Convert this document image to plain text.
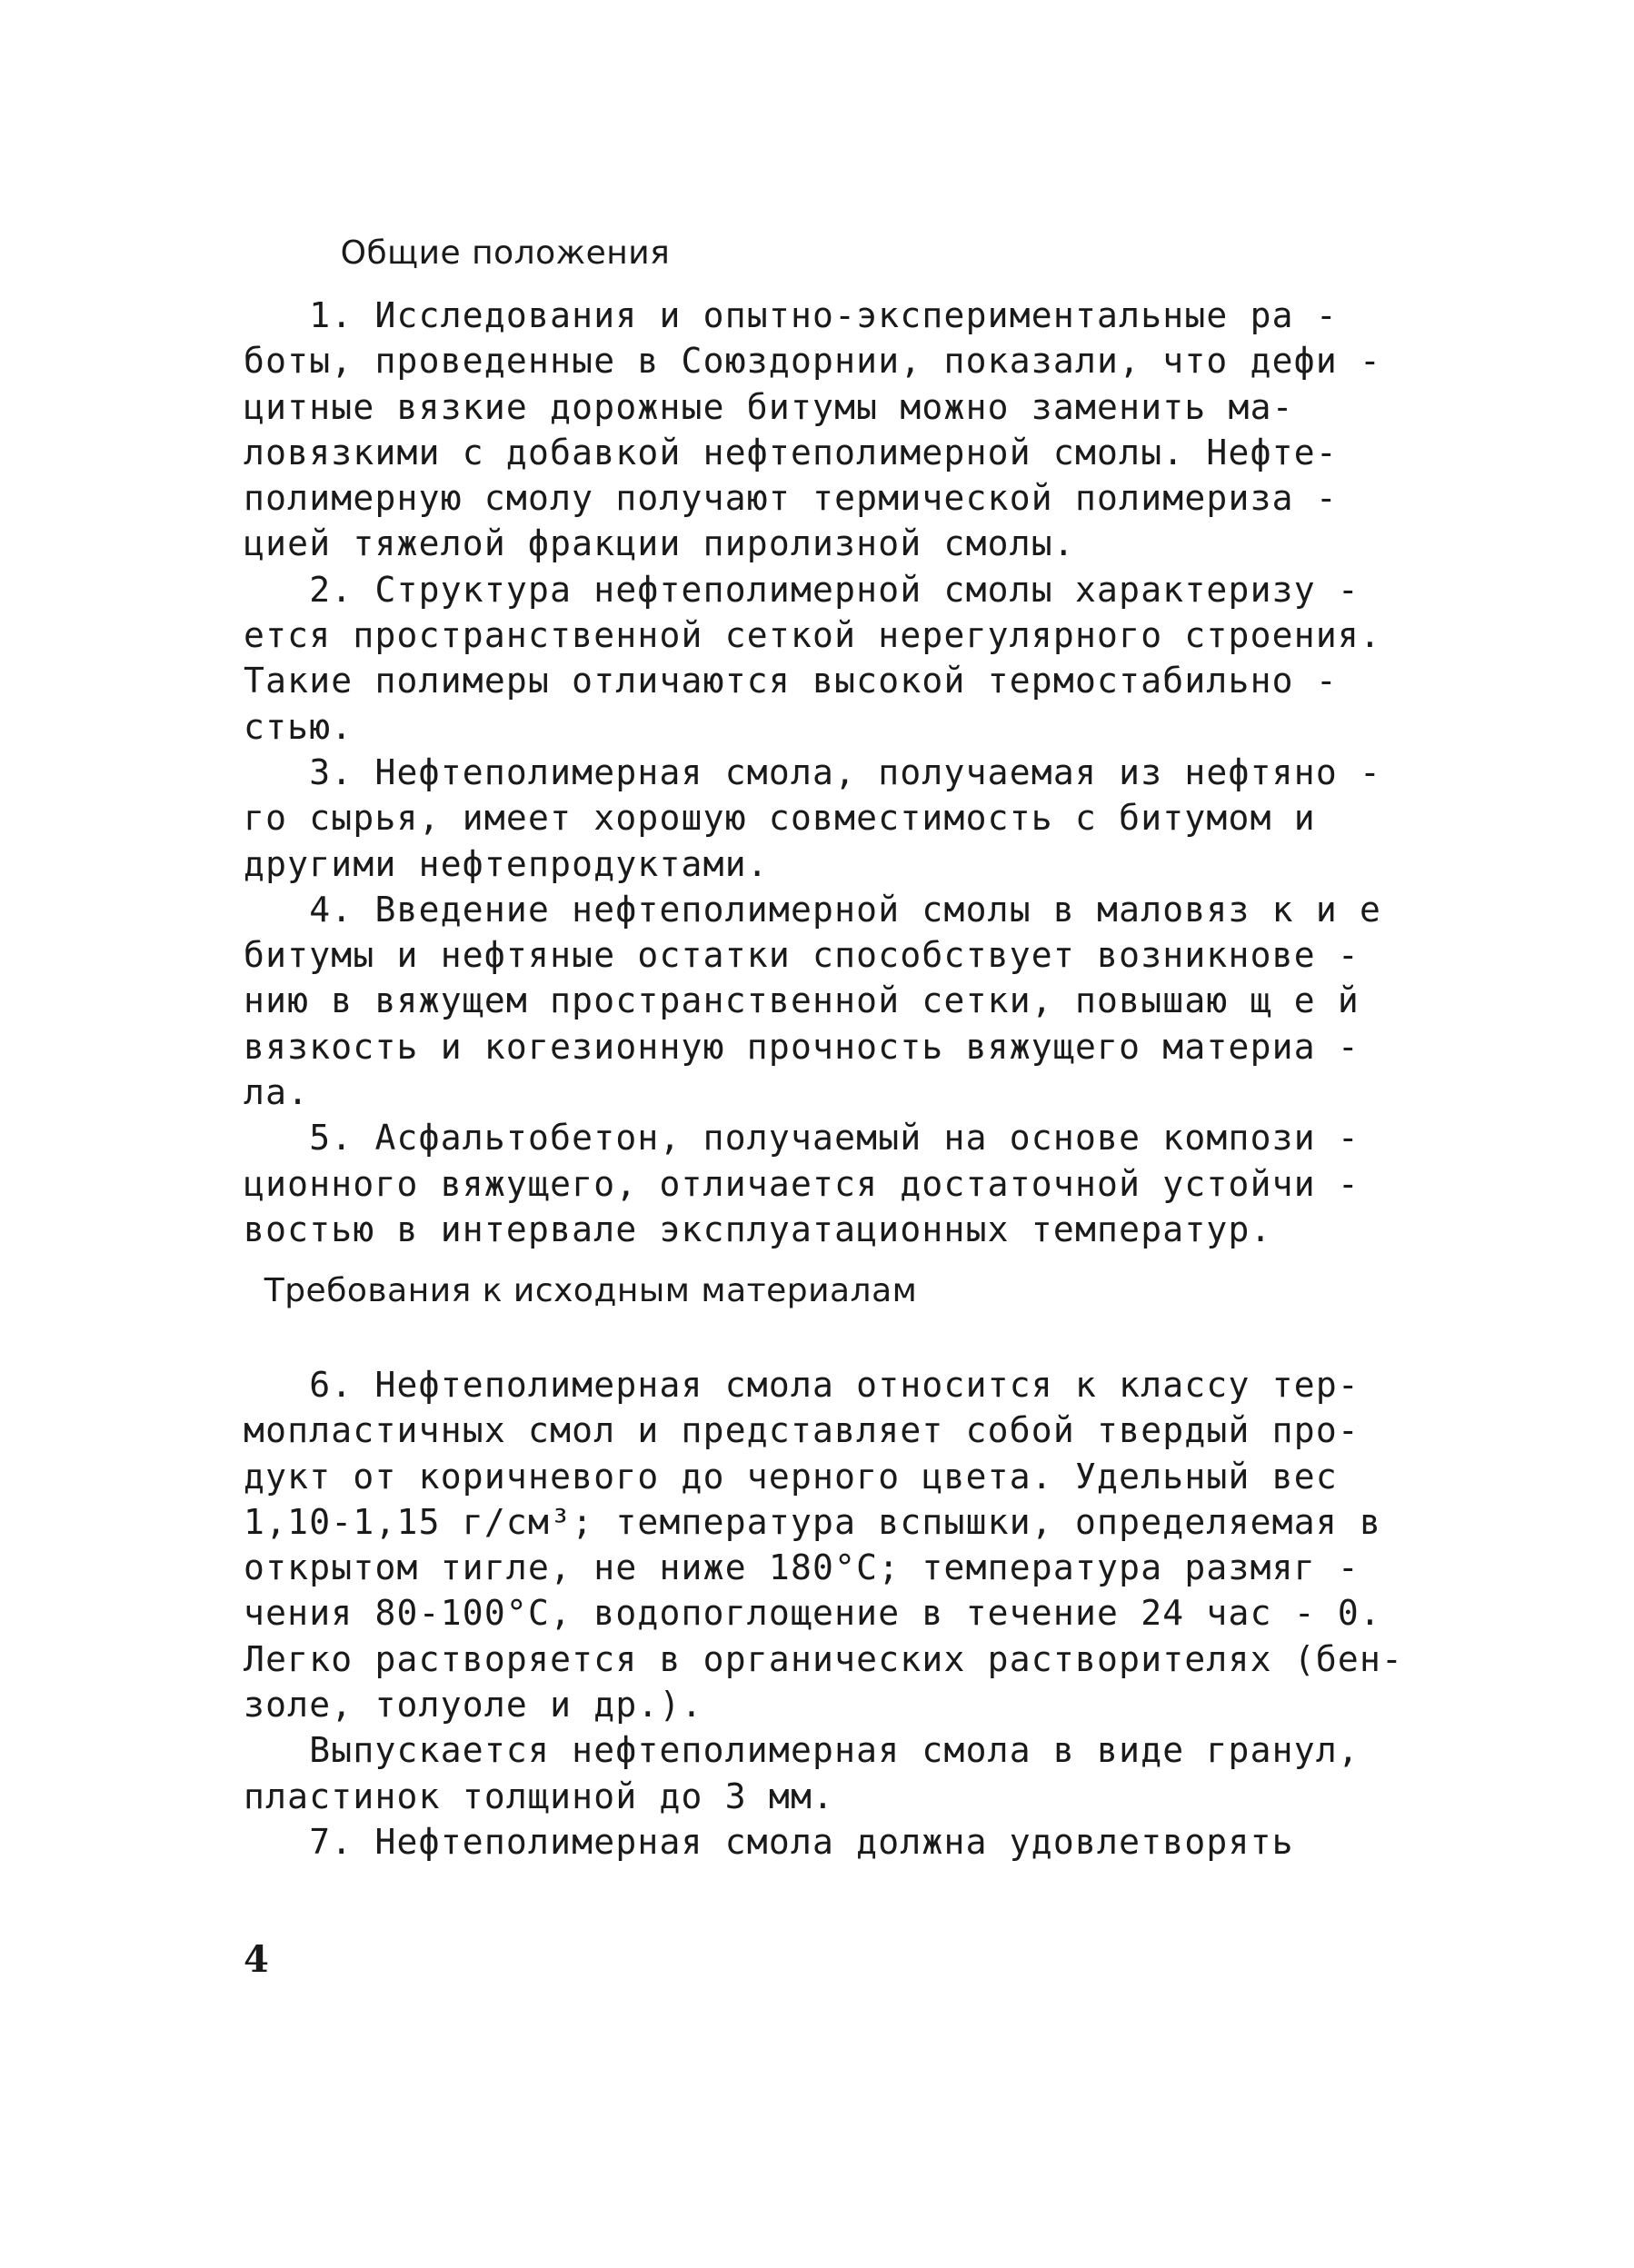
Общие положения
1. Исследования и опытно-экспериментальные ра -
боты, проведенные в Союздорнии, показали, что дефи -
цитные вязкие дорожные битумы можно заменить ма-
ловязкими с добавкой нефтеполимерной смолы. Нефте-
полимерную смолу получают термической полимериза -
цией тяжелой фракции пиролизной смолы.
2. Структура нефтеполимерной смолы характеризу -
ется пространственной сеткой нерегулярного строения.
Такие полимеры отличаются высокой термостабильно -
стью.
3. Нефтеполимерная смола, получаемая из нефтяно -
го сырья, имеет хорошую совместимость с битумом и
другими нефтепродуктами.
4. Введение нефтеполимерной смолы в маловяз к и е
битумы и нефтяные остатки способствует возникнове -
нию в вяжущем пространственной сетки, повышаю щ е й
вязкость и когезионную прочность вяжущего материа -
ла.
5. Асфальтобетон, получаемый на основе компози -
ционного вяжущего, отличается достаточной устойчи -
востью в интервале эксплуатационных температур.
Требования к исходным материалам
6. Нефтеполимерная смола относится к классу тер-
мопластичных смол и представляет собой твердый про-
дукт от коричневого до черного цвета. Удельный вес
1,10-1,15 г/см³; температура вспышки, определяемая в
открытом тигле, не ниже 180°С; температура размяг -
чения 80-100°С, водопоглощение в течение 24 час - 0.
Легко растворяется в органических растворителях (бен-
золе, толуоле и др.).
Выпускается нефтеполимерная смола в виде гранул,
пластинок толщиной до 3 мм.
7. Нефтеполимерная смола должна удовлетворять
4
